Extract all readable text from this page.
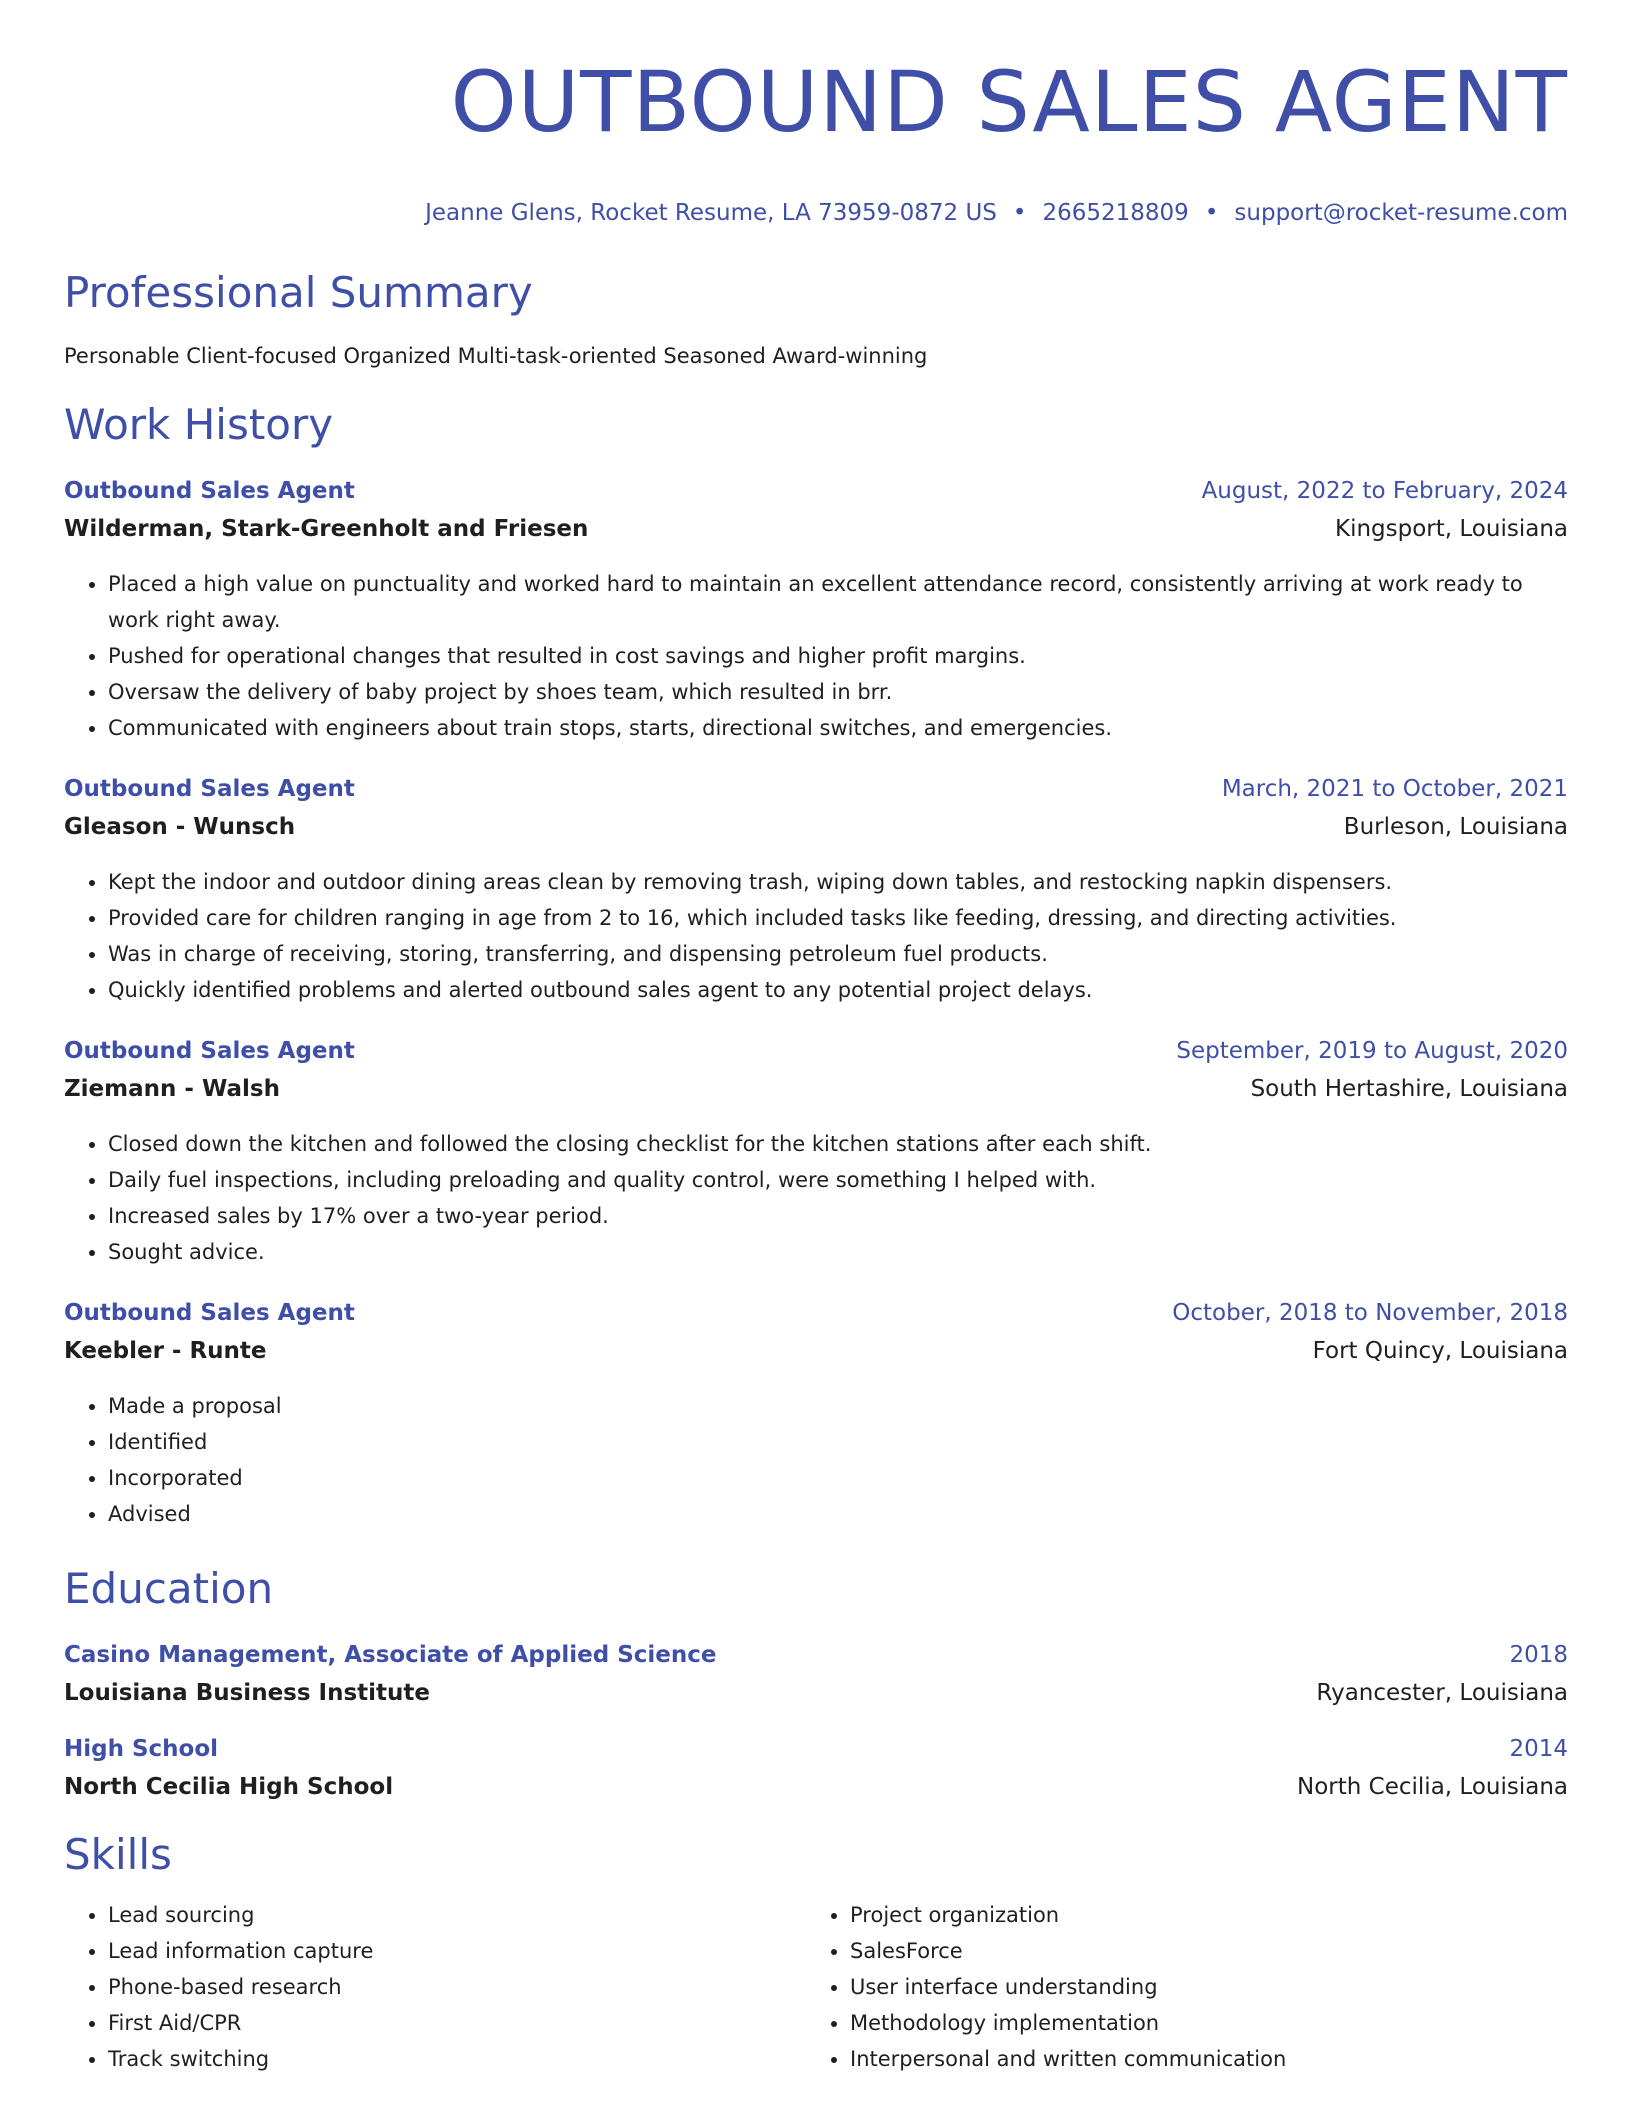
OUTBOUND SALES AGENT
Jeanne Glens, Rocket Resume, LA 73959-0872 US • 2665218809 • support@rocket-resume.com
Professional Summary
Personable Client-focused Organized Multi-task-oriented Seasoned Award-winning
Work History
Outbound Sales Agent	August, 2022 to February, 2024
Wilderman, Stark-Greenholt and Friesen	Kingsport, Louisiana
• Placed a high value on punctuality and worked hard to maintain an excellent attendance record, consistently arriving at work ready to work right away.
• Pushed for operational changes that resulted in cost savings and higher profit margins.
• Oversaw the delivery of baby project by shoes team, which resulted in brr.
• Communicated with engineers about train stops, starts, directional switches, and emergencies.
Outbound Sales Agent	March, 2021 to October, 2021
Gleason - Wunsch	Burleson, Louisiana
• Kept the indoor and outdoor dining areas clean by removing trash, wiping down tables, and restocking napkin dispensers.
• Provided care for children ranging in age from 2 to 16, which included tasks like feeding, dressing, and directing activities.
• Was in charge of receiving, storing, transferring, and dispensing petroleum fuel products.
• Quickly identified problems and alerted outbound sales agent to any potential project delays.
Outbound Sales Agent	September, 2019 to August, 2020
Ziemann - Walsh	South Hertashire, Louisiana
• Closed down the kitchen and followed the closing checklist for the kitchen stations after each shift.
• Daily fuel inspections, including preloading and quality control, were something I helped with.
• Increased sales by 17% over a two-year period.
• Sought advice.
Outbound Sales Agent	October, 2018 to November, 2018
Keebler - Runte	Fort Quincy, Louisiana
• Made a proposal
• Identified
• Incorporated
• Advised
Education
Casino Management, Associate of Applied Science	2018
Louisiana Business Institute	Ryancester, Louisiana
High School	2014
North Cecilia High School	North Cecilia, Louisiana
Skills
• Lead sourcing
• Lead information capture
• Phone-based research
• First Aid/CPR
• Track switching
• Project organization
• SalesForce
• User interface understanding
• Methodology implementation
• Interpersonal and written communication
